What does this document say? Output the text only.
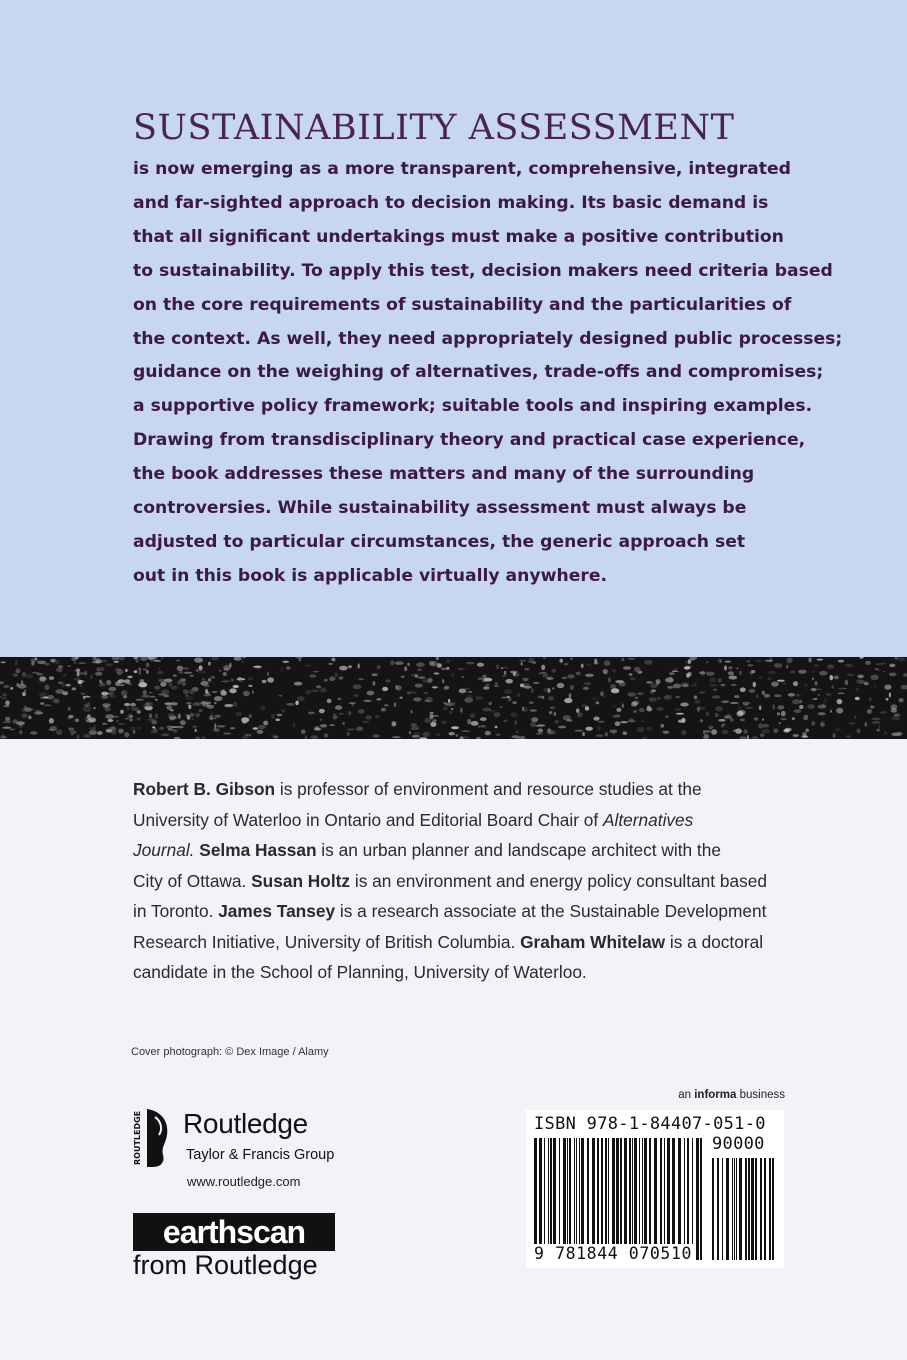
SUSTAINABILITY ASSESSMENT
is now emerging as a more transparent, comprehensive, integrated
and far-sighted approach to decision making. Its basic demand is
that all significant undertakings must make a positive contribution
to sustainability. To apply this test, decision makers need criteria based
on the core requirements of sustainability and the particularities of
the context. As well, they need appropriately designed public processes;
guidance on the weighing of alternatives, trade-offs and compromises;
a supportive policy framework; suitable tools and inspiring examples.
Drawing from transdisciplinary theory and practical case experience,
the book addresses these matters and many of the surrounding
controversies. While sustainability assessment must always be
adjusted to particular circumstances, the generic approach set
out in this book is applicable virtually anywhere.
Robert B. Gibson is professor of environment and resource studies at the
University of Waterloo in Ontario and Editorial Board Chair of Alternatives
Journal. Selma Hassan is an urban planner and landscape architect with the
City of Ottawa. Susan Holtz is an environment and energy policy consultant based
in Toronto. James Tansey is a research associate at the Sustainable Development
Research Initiative, University of British Columbia. Graham Whitelaw is a doctoral
candidate in the School of Planning, University of Waterloo.
Cover photograph: © Dex Image / Alamy
ROUTLEDGE Routledge
Taylor & Francis Group
www.routledge.com
earthscan
from Routledge
an informa business
ISBN 978-1-84407-051-0
90000
9 781844 070510
